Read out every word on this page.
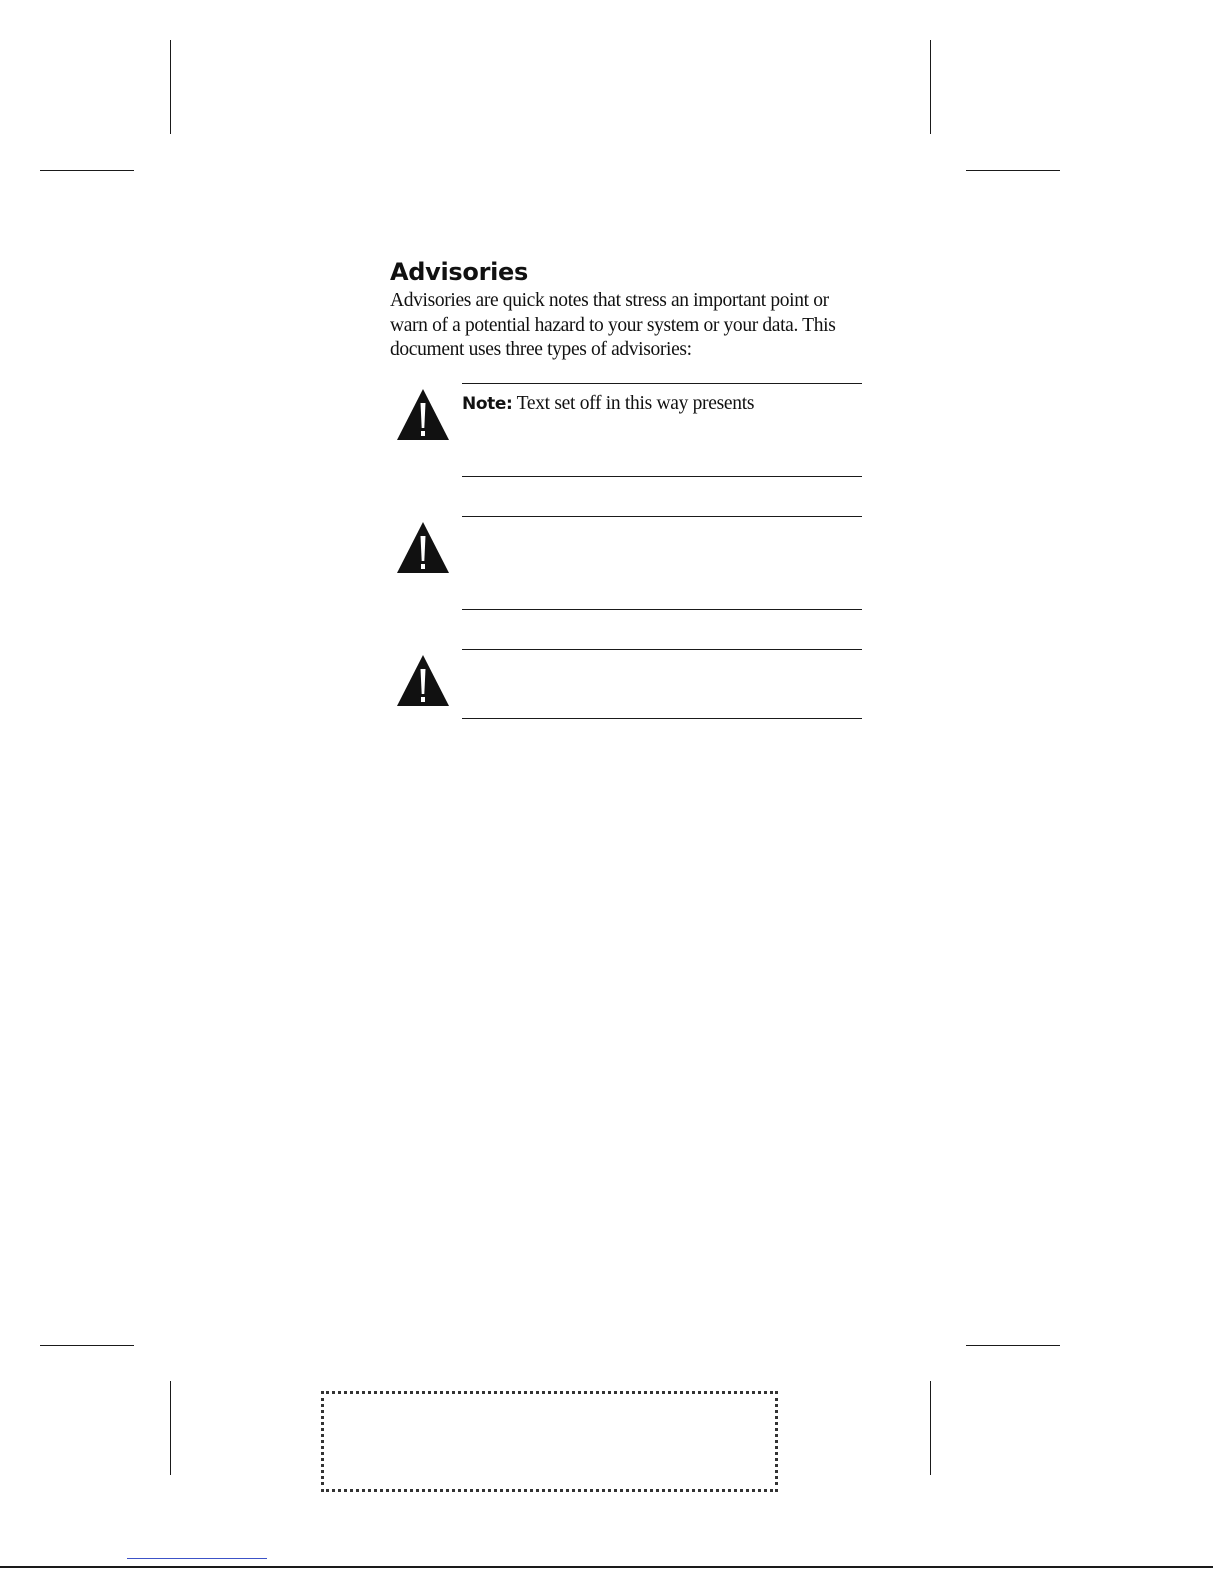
Advisories

Advisories are quick notes that stress an important point or warn of a potential hazard to your system or your data. This document uses three types of advisories:

Note: Text set off in this way presents
